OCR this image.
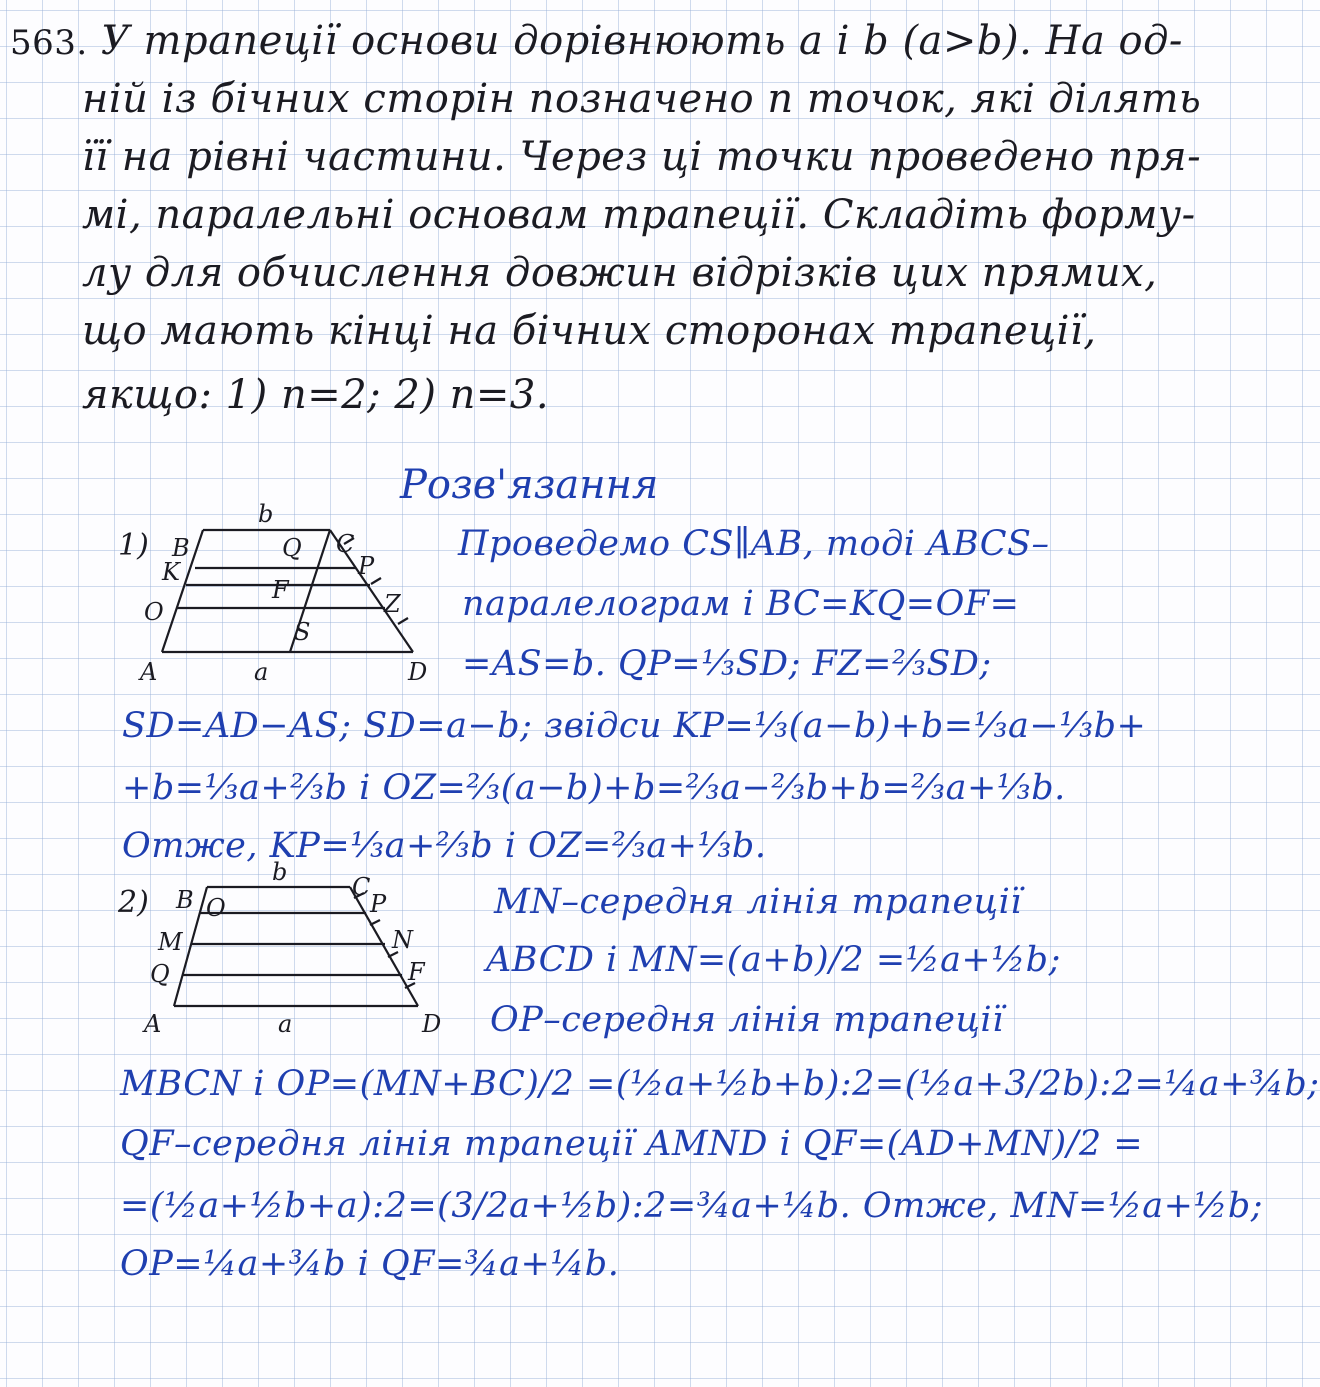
563. У трапеції основи дорівнюють a і b (a>b). На од-
ній із бічних сторін позначено n точок, які ділять
її на рівні частини. Через ці точки проведено пря-
мі, паралельні основам трапеції. Складіть форму-
лу для обчислення довжин відрізків цих прямих,
що мають кінці на бічних сторонах трапеції,
якщо: 1) n=2; 2) n=3.
Розв'язання
1) B
K
O
A
b
Q
F
S
a
C
P
Z
D
B O
M
Q
A
b
a
C
P
N
F
D
Проведемо CS∥AB, тоді ABCS–
паралелограм і BC=KQ=OF=
=AS=b. QP=⅓SD; FZ=⅔SD;
SD=AD−AS; SD=a−b; звідси KP=⅓(a−b)+b=⅓a−⅓b+
+b=⅓a+⅔b і OZ=⅔(a−b)+b=⅔a−⅔b+b=⅔a+⅓b.
Отже, KP=⅓a+⅔b і OZ=⅔a+⅓b.
2)	MN–середня лінія трапеції
ABCD і MN=(a+b)/2 =½a+½b;
OP–середня лінія трапеції
MBCN і OP=(MN+BC)/2 =(½a+½b+b):2=(½a+3/2b):2=¼a+¾b;
QF–середня лінія трапеції AMND і QF=(AD+MN)/2 =
=(½a+½b+a):2=(3/2a+½b):2=¾a+¼b. Отже, MN=½a+½b;
OP=¼a+¾b і QF=¾a+¼b.
